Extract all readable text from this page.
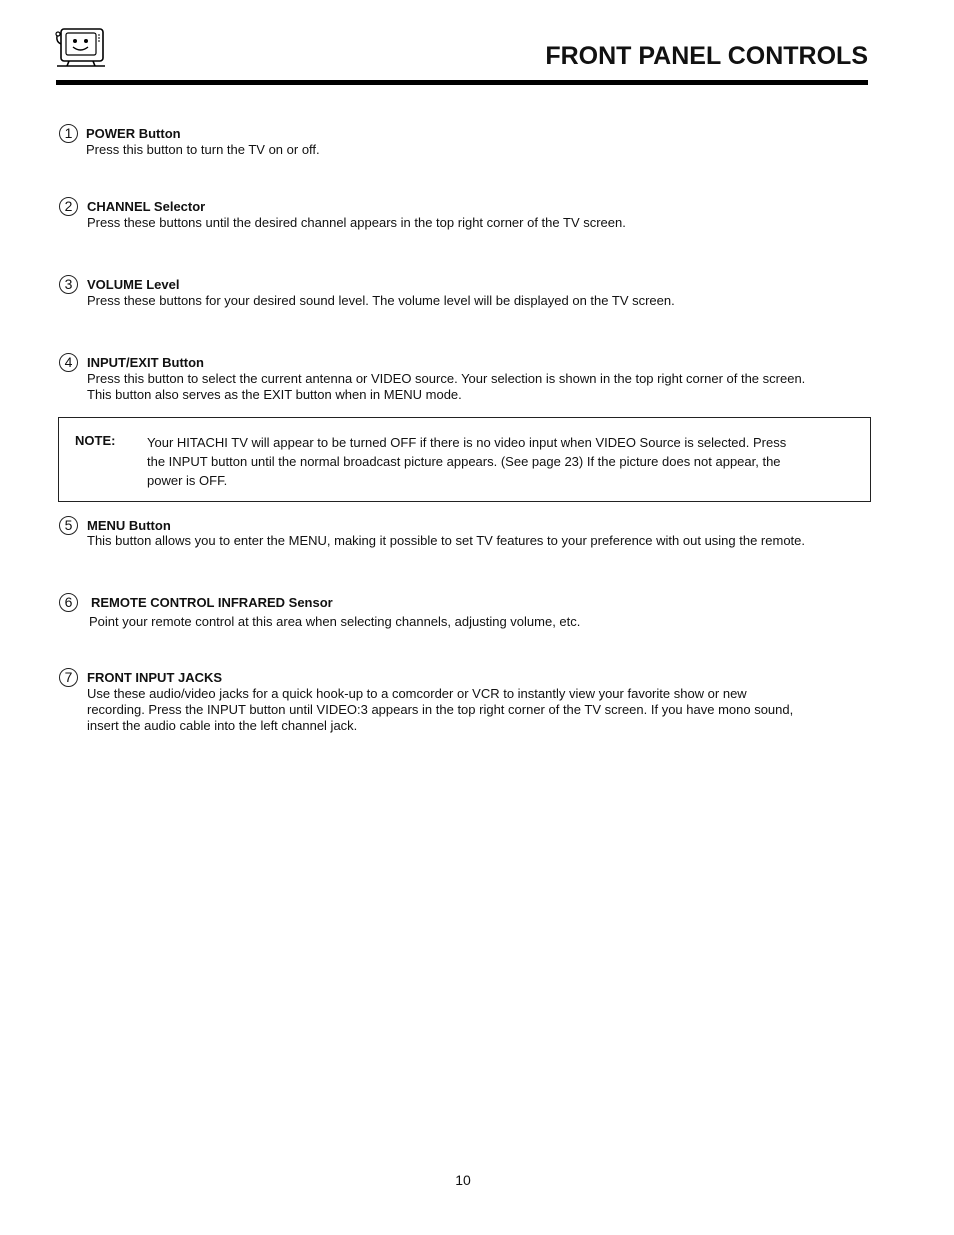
FRONT PANEL CONTROLS
1	POWER Button
Press this button to turn the TV on or off.
2	CHANNEL Selector
Press these buttons until the desired channel appears in the top right corner of the TV screen.
3	VOLUME Level
Press these buttons for your desired sound level. The volume level will be displayed on the TV screen.
4	INPUT/EXIT Button
Press this button to select the current antenna or VIDEO source. Your selection is shown in the top right corner of the screen.
This button also serves as the EXIT button when in MENU mode.
NOTE: Your HITACHI TV will appear to be turned OFF if there is no video input when VIDEO Source is selected. Press
the INPUT button until the normal broadcast picture appears. (See page 23) If the picture does not appear, the
power is OFF.
5	MENU Button
This button allows you to enter the MENU, making it possible to set TV features to your preference with out using the remote.
6	REMOTE CONTROL INFRARED Sensor
Point your remote control at this area when selecting channels, adjusting volume, etc.
7	FRONT INPUT JACKS
Use these audio/video jacks for a quick hook-up to a comcorder or VCR to instantly view your favorite show or new
recording. Press the INPUT button until VIDEO:3 appears in the top right corner of the TV screen. If you have mono sound,
insert the audio cable into the left channel jack.
10
